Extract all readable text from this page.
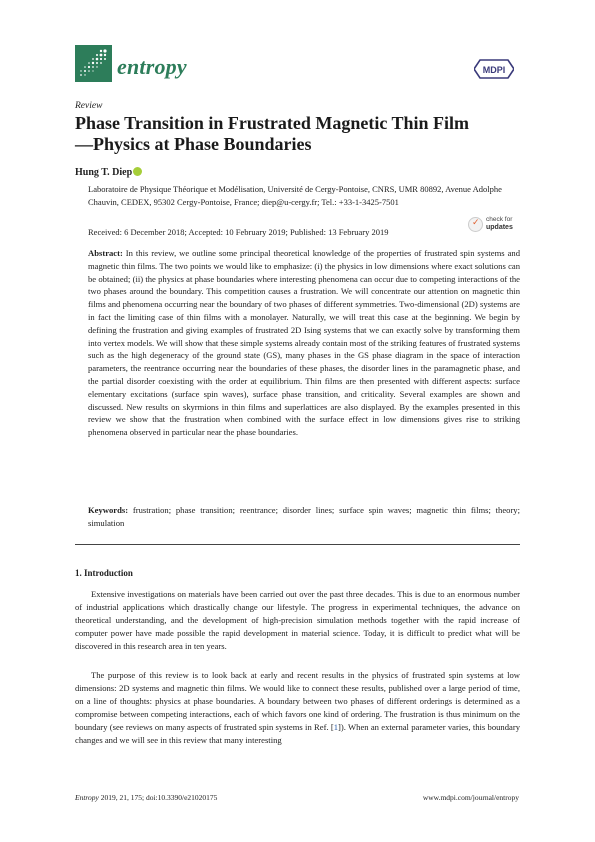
entropy	MDPI
Review
Phase Transition in Frustrated Magnetic Thin Film—Physics at Phase Boundaries
Hung T. Diep
Laboratoire de Physique Théorique et Modélisation, Université de Cergy-Pontoise, CNRS, UMR 80892, Avenue Adolphe Chauvin, CEDEX, 95302 Cergy-Pontoise, France; diep@u-cergy.fr; Tel.: +33-1-3425-7501
✓ check for
updates
Received: 6 December 2018; Accepted: 10 February 2019; Published: 13 February 2019
Abstract: In this review, we outline some principal theoretical knowledge of the properties of frustrated spin systems and magnetic thin films. The two points we would like to emphasize: (i) the physics in low dimensions where exact solutions can be obtained; (ii) the physics at phase boundaries where interesting phenomena can occur due to competing interactions of the two phases around the boundary. This competition causes a frustration. We will concentrate our attention on magnetic thin films and phenomena occurring near the boundary of two phases of different symmetries. Two-dimensional (2D) systems are in fact the limiting case of thin films with a monolayer. Naturally, we will treat this case at the beginning. We begin by defining the frustration and giving examples of frustrated 2D Ising systems that we can exactly solve by transforming them into vertex models. We will show that these simple systems already contain most of the striking features of frustrated systems such as the high degeneracy of the ground state (GS), many phases in the GS phase diagram in the space of interaction parameters, the reentrance occurring near the boundaries of these phases, the disorder lines in the paramagnetic phase, and the partial disorder coexisting with the order at equilibrium. Thin films are then presented with different aspects: surface elementary excitations (surface spin waves), surface phase transition, and criticality. Several examples are shown and discussed. New results on skyrmions in thin films and superlattices are also displayed. By the examples presented in this review we show that the frustration when combined with the surface effect in low dimensions gives rise to striking phenomena observed in particular near the phase boundaries.
Keywords: frustration; phase transition; reentrance; disorder lines; surface spin waves; magnetic thin films; theory; simulation
1. Introduction
Extensive investigations on materials have been carried out over the past three decades. This is due to an enormous number of industrial applications which drastically change our lifestyle. The progress in experimental techniques, the advance on theoretical understanding, and the development of high-precision simulation methods together with the rapid increase of computer power have made possible the rapid development in material science. Today, it is difficult to predict what will be discovered in this research area in ten years.
The purpose of this review is to look back at early and recent results in the physics of frustrated spin systems at low dimensions: 2D systems and magnetic thin films. We would like to connect these results, published over a large period of time, on a line of thoughts: physics at phase boundaries. A boundary between two phases of different orderings is determined as a compromise between competing interactions, each of which favors one kind of ordering. The frustration is thus minimum on the boundary (see reviews on many aspects of frustrated spin systems in Ref. [1]). When an external parameter varies, this boundary changes and we will see in this review that many interesting
Entropy 2019, 21, 175; doi:10.3390/e21020175	www.mdpi.com/journal/entropy
